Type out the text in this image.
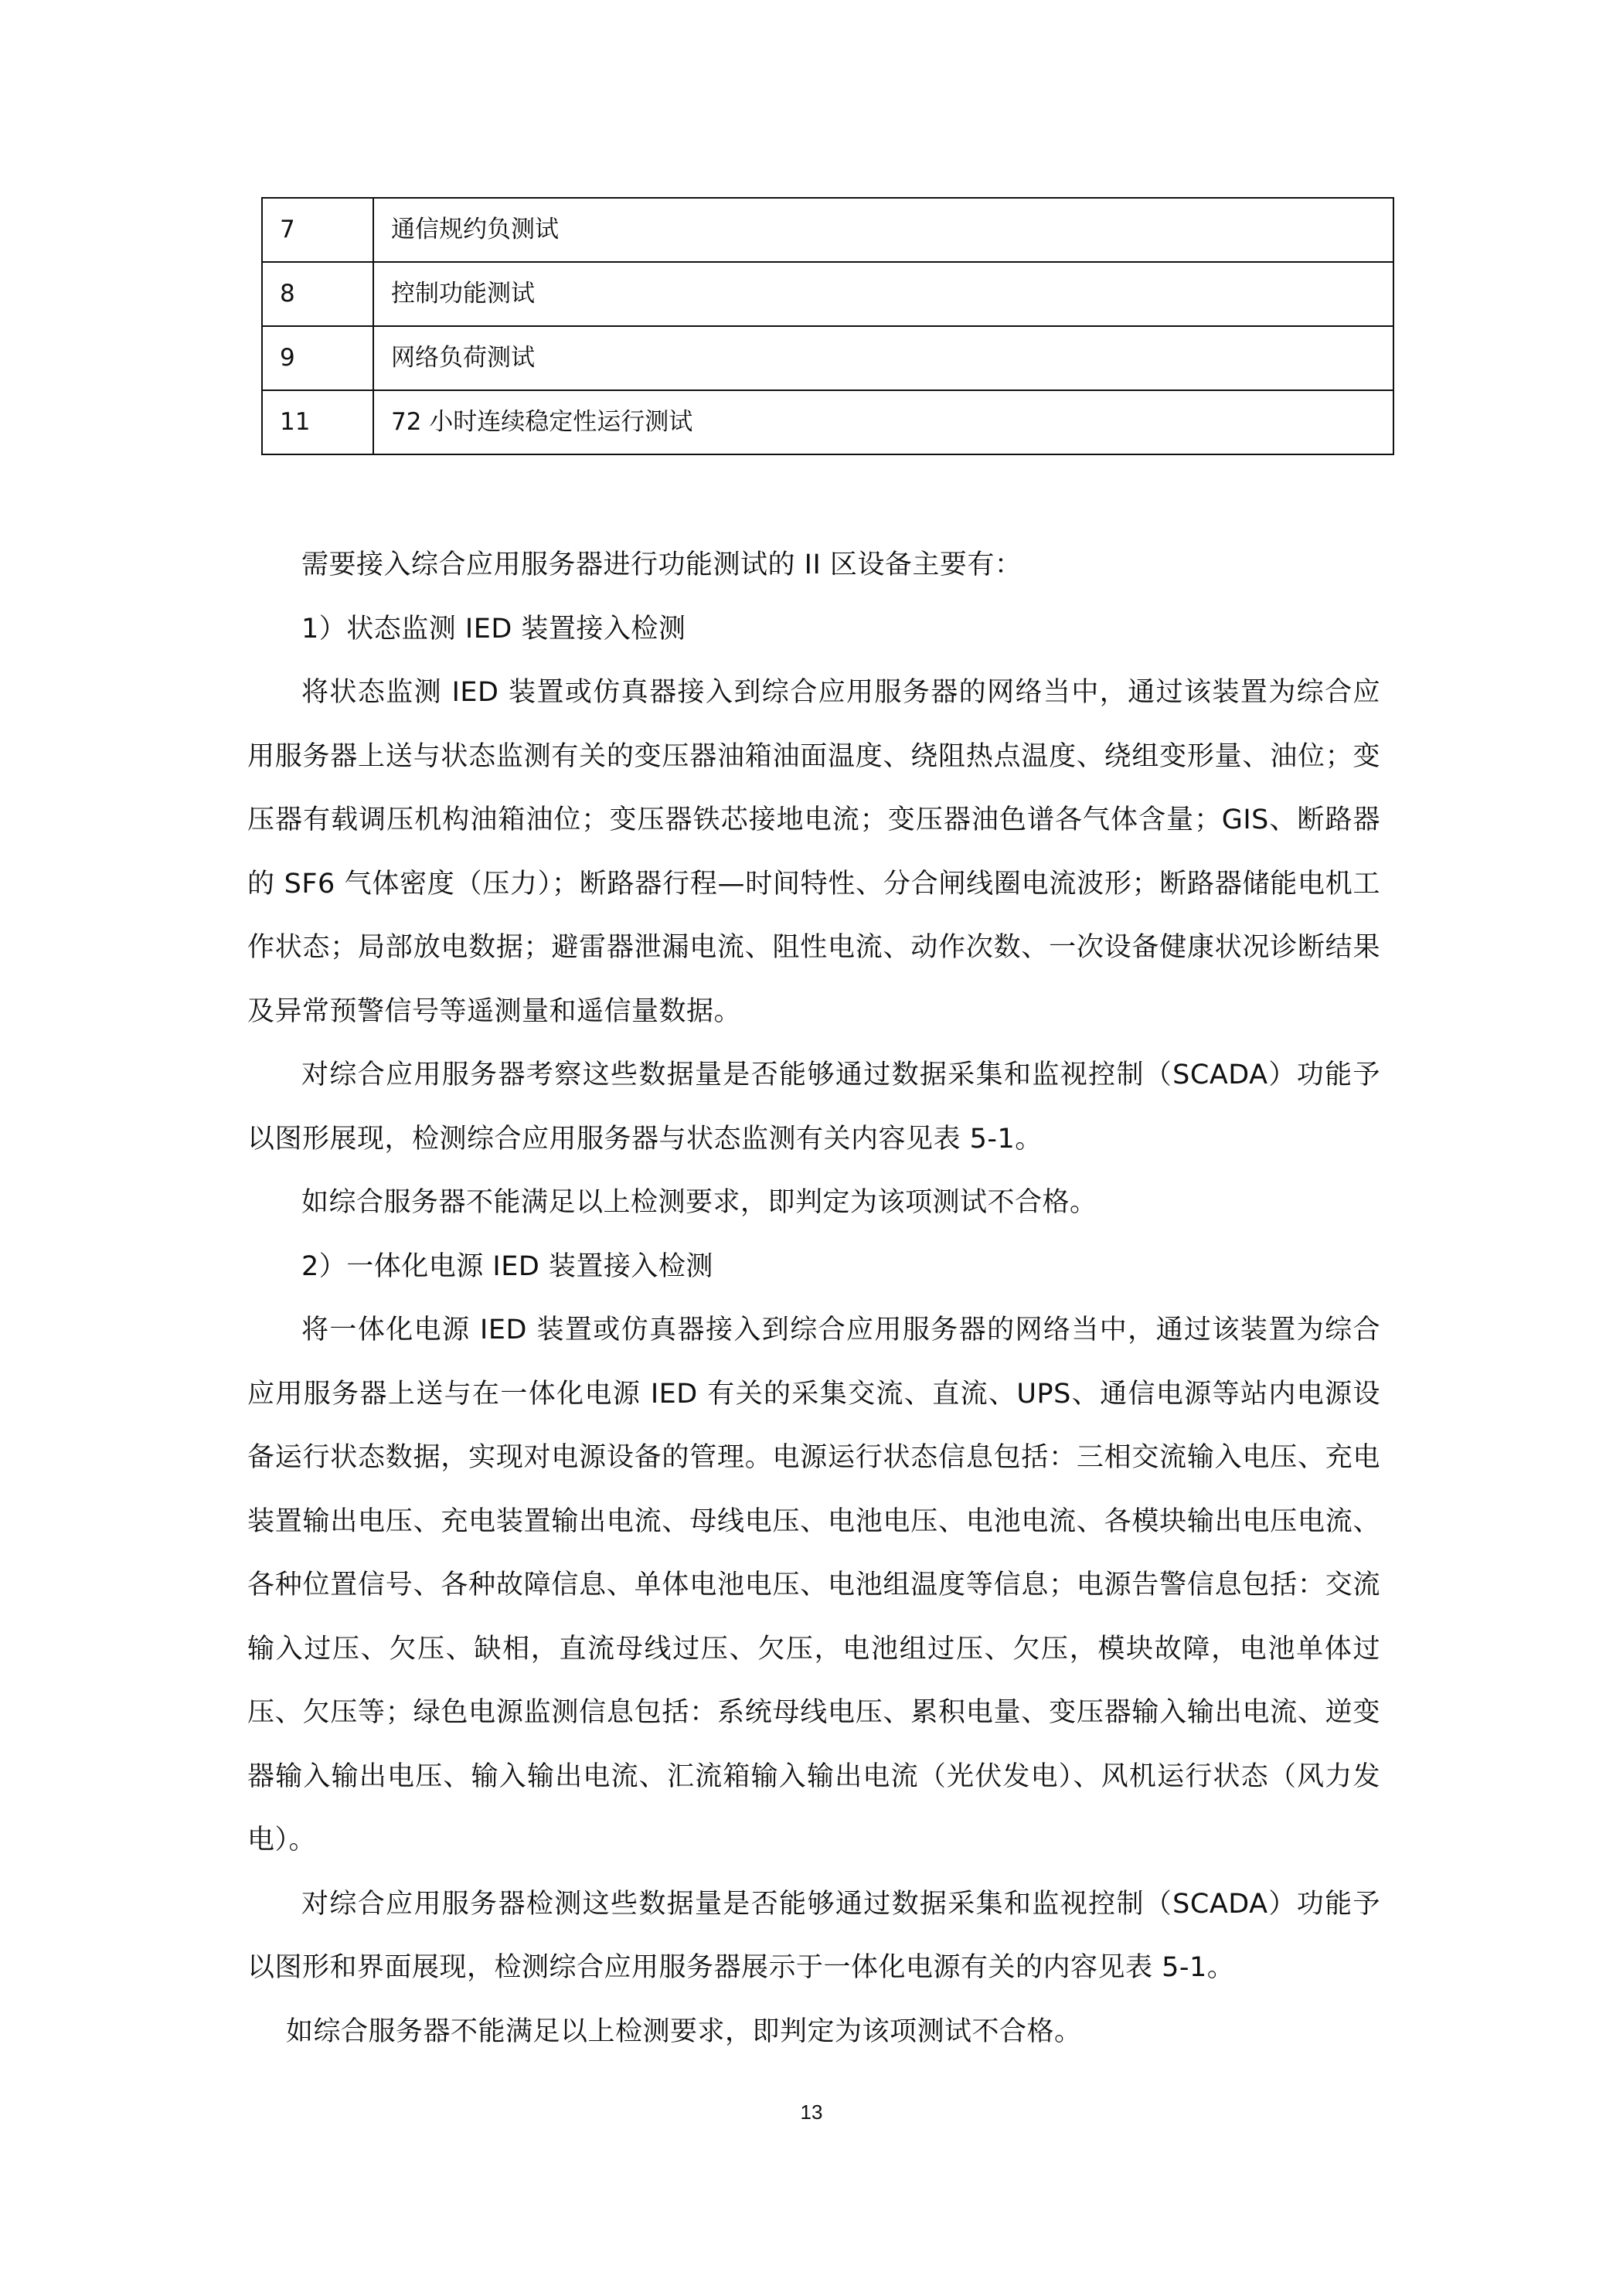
7	通信规约负测试
8	控制功能测试
9	网络负荷测试
11	72 小时连续稳定性运行测试

需要接入综合应用服务器进行功能测试的 II 区设备主要有：

1）状态监测 IED 装置接入检测

将状态监测 IED 装置或仿真器接入到综合应用服务器的网络当中，通过该装置为综合应用服务器上送与状态监测有关的变压器油箱油面温度、绕阻热点温度、绕组变形量、油位；变压器有载调压机构油箱油位；变压器铁芯接地电流；变压器油色谱各气体含量；GIS、断路器的 SF6 气体密度（压力）；断路器行程—时间特性、分合闸线圈电流波形；断路器储能电机工作状态；局部放电数据；避雷器泄漏电流、阻性电流、动作次数、一次设备健康状况诊断结果及异常预警信号等遥测量和遥信量数据。

对综合应用服务器考察这些数据量是否能够通过数据采集和监视控制（SCADA）功能予以图形展现，检测综合应用服务器与状态监测有关内容见表 5-1。

如综合服务器不能满足以上检测要求，即判定为该项测试不合格。

2）一体化电源 IED 装置接入检测

将一体化电源 IED 装置或仿真器接入到综合应用服务器的网络当中，通过该装置为综合应用服务器上送与在一体化电源 IED 有关的采集交流、直流、UPS、通信电源等站内电源设备运行状态数据，实现对电源设备的管理。电源运行状态信息包括：三相交流输入电压、充电装置输出电压、充电装置输出电流、母线电压、电池电压、电池电流、各模块输出电压电流、各种位置信号、各种故障信息、单体电池电压、电池组温度等信息；电源告警信息包括：交流输入过压、欠压、缺相，直流母线过压、欠压，电池组过压、欠压，模块故障，电池单体过压、欠压等；绿色电源监测信息包括：系统母线电压、累积电量、变压器输入输出电流、逆变器输入输出电压、输入输出电流、汇流箱输入输出电流（光伏发电）、风机运行状态（风力发电）。

对综合应用服务器检测这些数据量是否能够通过数据采集和监视控制（SCADA）功能予以图形和界面展现，检测综合应用服务器展示于一体化电源有关的内容见表 5-1。

如综合服务器不能满足以上检测要求，即判定为该项测试不合格。

13
